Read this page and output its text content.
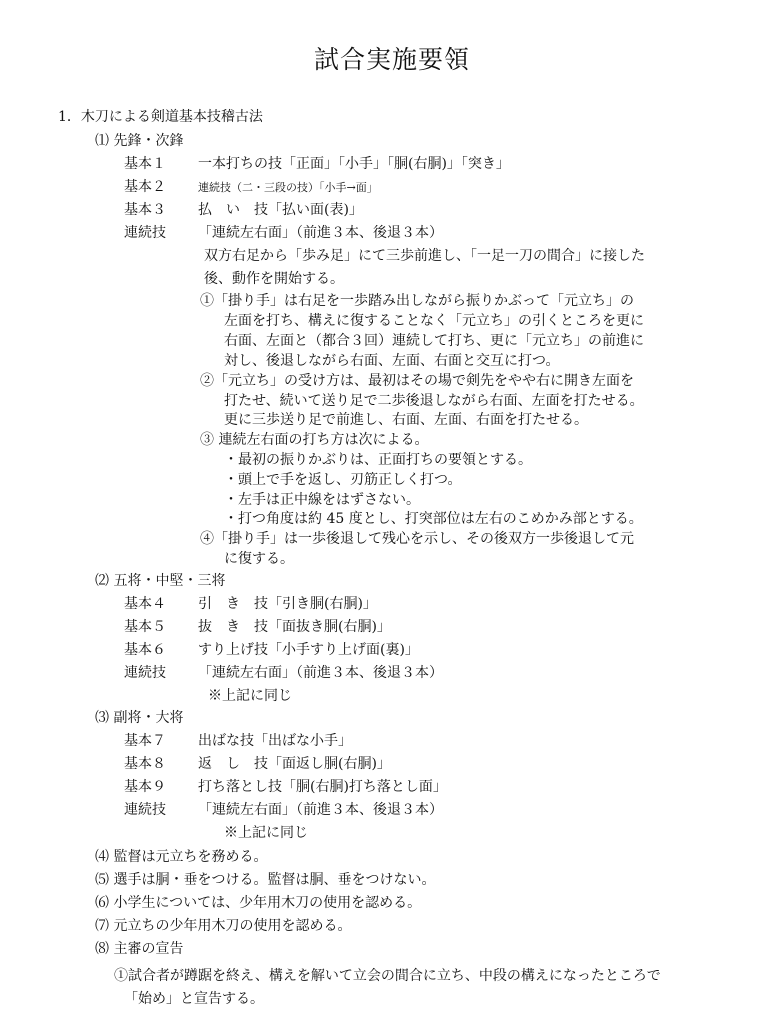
試合実施要領
1．木刀による剣道基本技稽古法
⑴ 先鋒・次鋒
基本１ 一本打ちの技「正面」「小手」「胴(右胴)」「突き」
基本２	連続技（二・三段の技）「小手→面」
基本３ 払　い　技「払い面(表)」
連続技 「連続左右面」（前進３本、後退３本）
双方右足から「歩み足」にて三歩前進し、「一足一刀の間合」に接した
後、動作を開始する。
①「掛り手」は右足を一歩踏み出しながら振りかぶって「元立ち」の
左面を打ち、構えに復することなく「元立ち」の引くところを更に
右面、左面と（都合３回）連続して打ち、更に「元立ち」の前進に
対し、後退しながら右面、左面、右面と交互に打つ。
②「元立ち」の受け方は、最初はその場で剣先をやや右に開き左面を
打たせ、続いて送り足で二歩後退しながら右面、左面を打たせる。
更に三歩送り足で前進し、右面、左面、右面を打たせる。
③ 連続左右面の打ち方は次による。
・最初の振りかぶりは、正面打ちの要領とする。
・頭上で手を返し、刃筋正しく打つ。
・左手は正中線をはずさない。
・打つ角度は約 45 度とし、打突部位は左右のこめかみ部とする。
④「掛り手」は一歩後退して残心を示し、その後双方一歩後退して元
に復する。
⑵ 五将・中堅・三将
基本４ 引　き　技「引き胴(右胴)」
基本５ 抜　き　技「面抜き胴(右胴)」
基本６ すり上げ技「小手すり上げ面(裏)」
連続技 「連続左右面」（前進３本、後退３本）
※上記に同じ
⑶ 副将・大将
基本７ 出ばな技「出ばな小手」
基本８ 返　し　技「面返し胴(右胴)」
基本９ 打ち落とし技「胴(右胴)打ち落とし面」
連続技 「連続左右面」（前進３本、後退３本）
※上記に同じ
⑷ 監督は元立ちを務める。
⑸ 選手は胴・垂をつける。監督は胴、垂をつけない。
⑹ 小学生については、少年用木刀の使用を認める。
⑺ 元立ちの少年用木刀の使用を認める。
⑻ 主審の宣告
①試合者が蹲踞を終え、構えを解いて立会の間合に立ち、中段の構えになったところで
「始め」と宣告する。
